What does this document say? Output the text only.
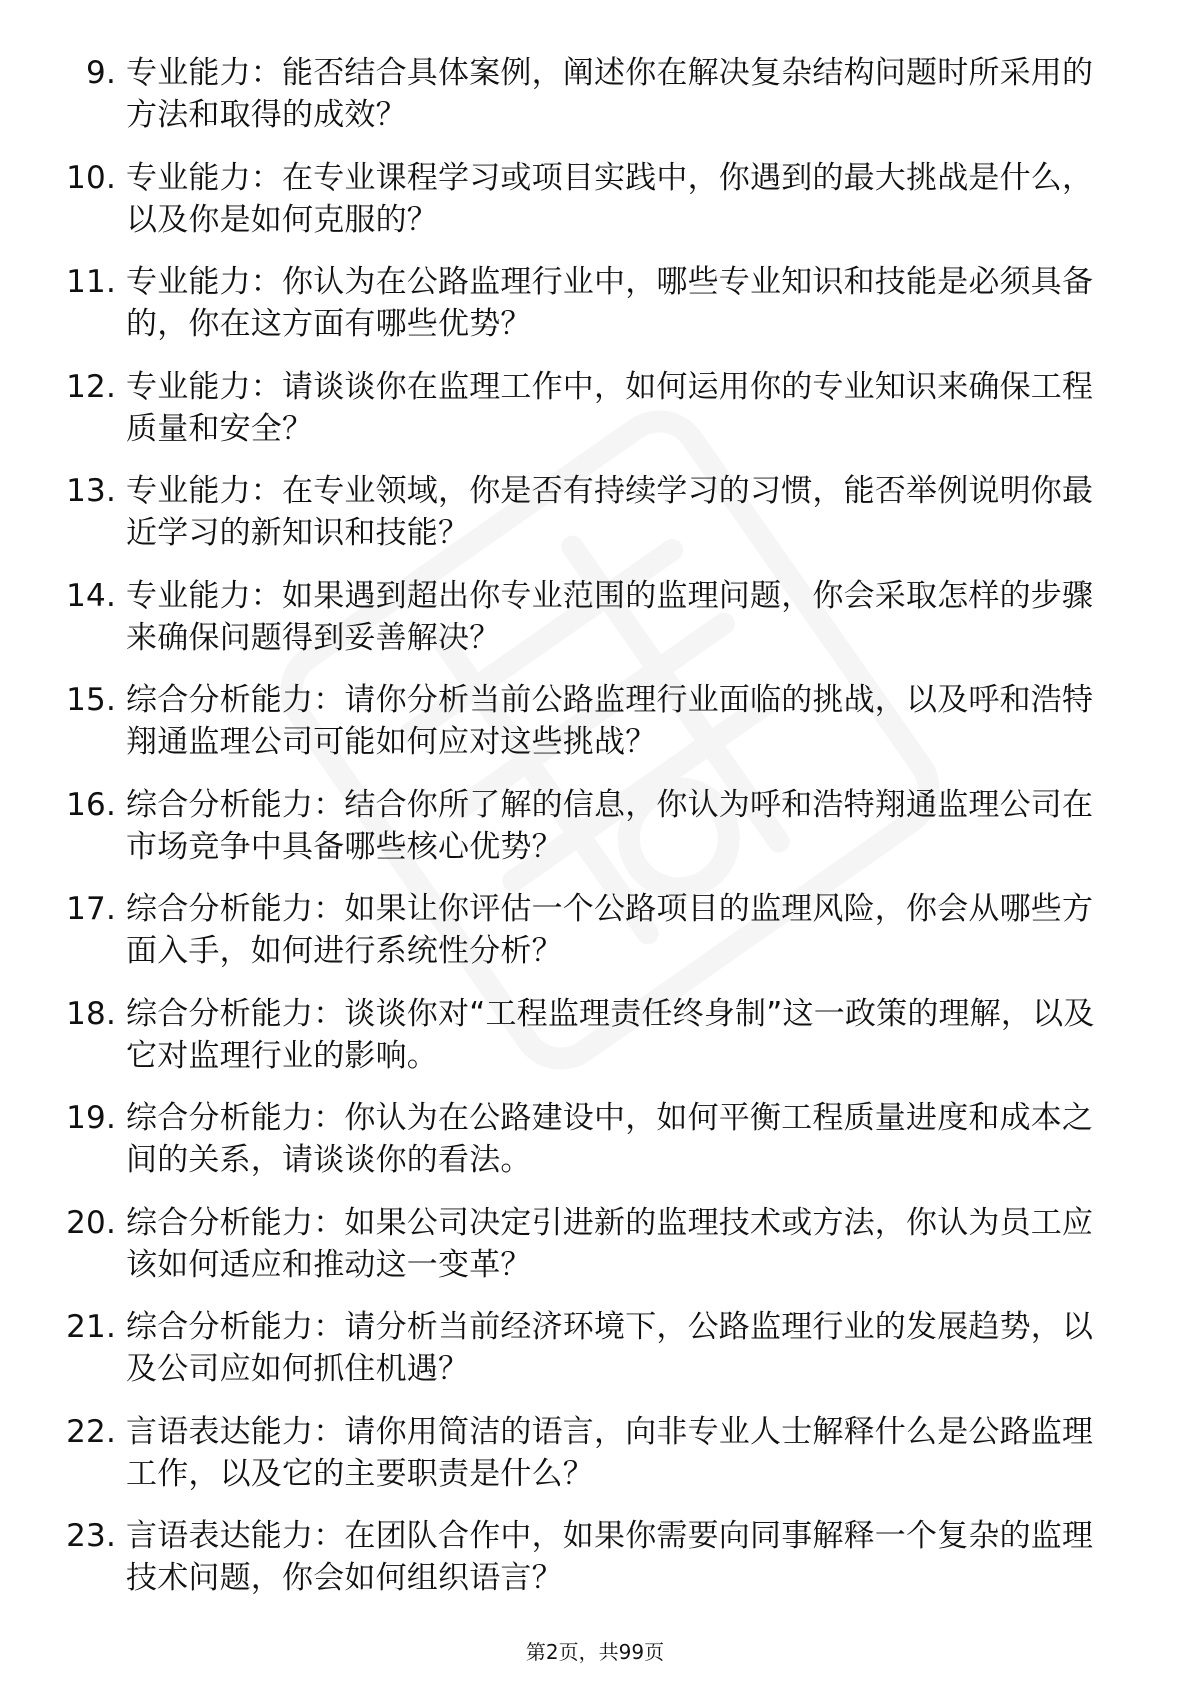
9. 专业能力：能否结合具体案例，阐述你在解决复杂结构问题时所采用的方法和取得的成效？
10. 专业能力：在专业课程学习或项目实践中，你遇到的最大挑战是什么，以及你是如何克服的？
11. 专业能力：你认为在公路监理行业中，哪些专业知识和技能是必须具备的，你在这方面有哪些优势？
12. 专业能力：请谈谈你在监理工作中，如何运用你的专业知识来确保工程质量和安全？
13. 专业能力：在专业领域，你是否有持续学习的习惯，能否举例说明你最近学习的新知识和技能？
14. 专业能力：如果遇到超出你专业范围的监理问题，你会采取怎样的步骤来确保问题得到妥善解决？
15. 综合分析能力：请你分析当前公路监理行业面临的挑战，以及呼和浩特翔通监理公司可能如何应对这些挑战？
16. 综合分析能力：结合你所了解的信息，你认为呼和浩特翔通监理公司在市场竞争中具备哪些核心优势？
17. 综合分析能力：如果让你评估一个公路项目的监理风险，你会从哪些方面入手，如何进行系统性分析？
18. 综合分析能力：谈谈你对“工程监理责任终身制”这一政策的理解，以及它对监理行业的影响。
19. 综合分析能力：你认为在公路建设中，如何平衡工程质量进度和成本之间的关系，请谈谈你的看法。
20. 综合分析能力：如果公司决定引进新的监理技术或方法，你认为员工应该如何适应和推动这一变革？
21. 综合分析能力：请分析当前经济环境下，公路监理行业的发展趋势，以及公司应如何抓住机遇？
22. 言语表达能力：请你用简洁的语言，向非专业人士解释什么是公路监理工作，以及它的主要职责是什么？
23. 言语表达能力：在团队合作中，如果你需要向同事解释一个复杂的监理技术问题，你会如何组织语言？
第2页，共99页
